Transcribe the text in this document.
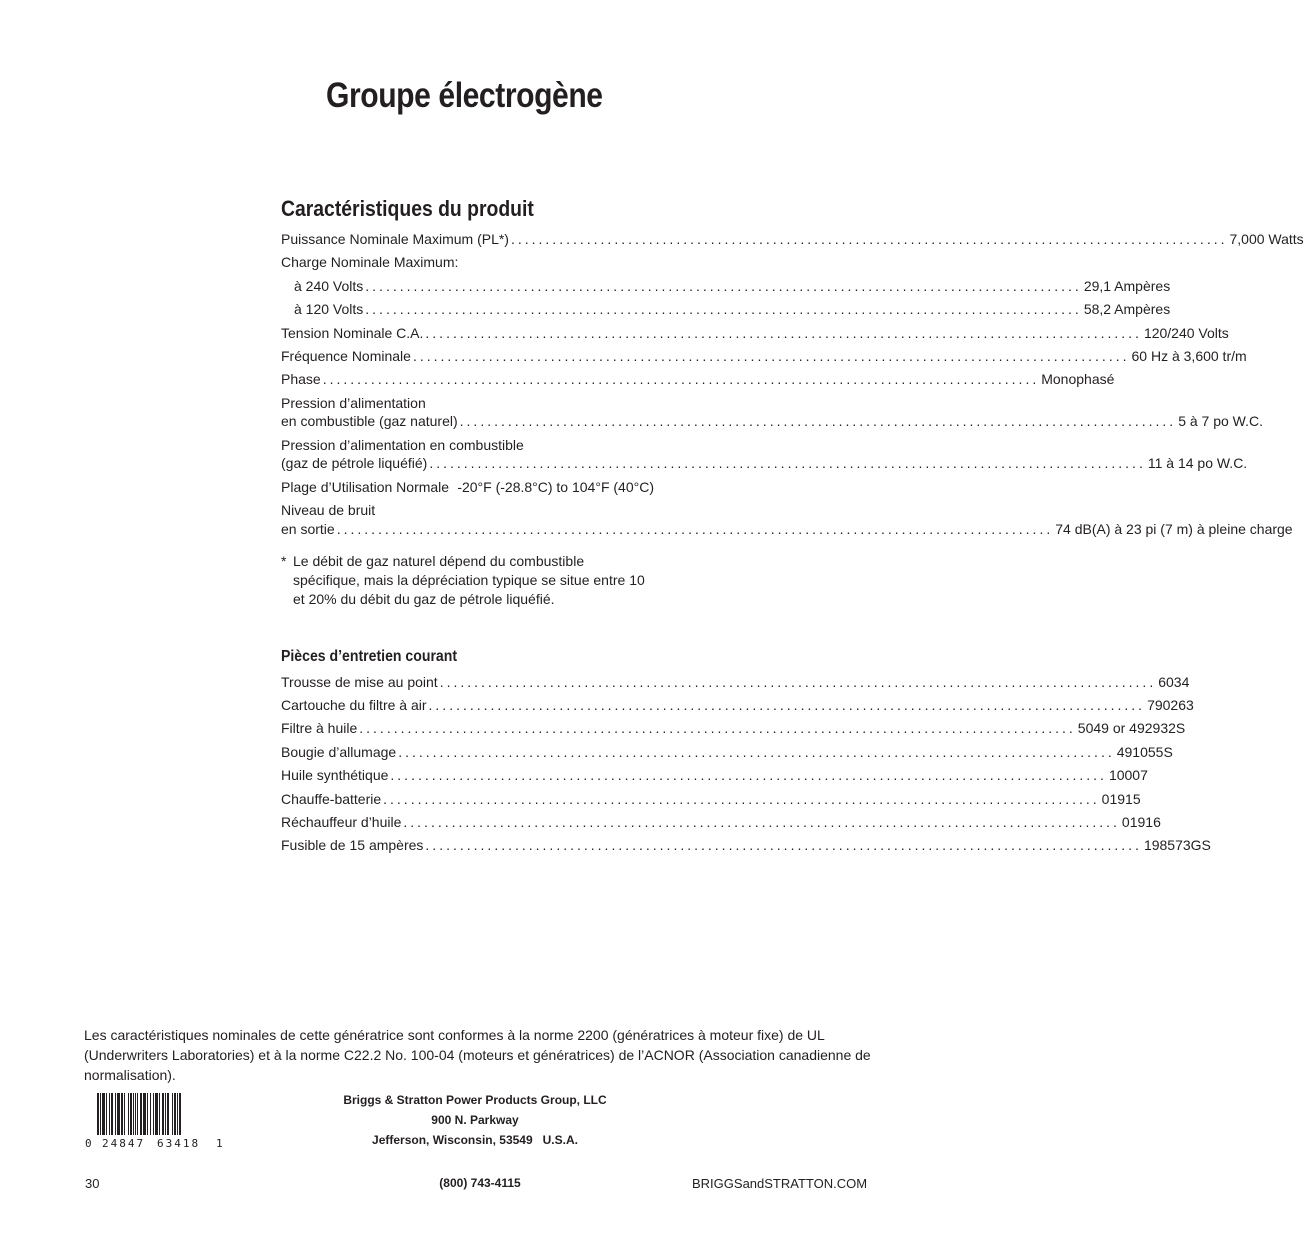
Groupe électrogène
Caractéristiques du produit
Puissance Nominale Maximum (PL*) ........................................................................................................ 7,000 Watts
Charge Nominale Maximum:
à 240 Volts ........................................................................................................ 29,1 Ampères
à 120 Volts ........................................................................................................ 58,2 Ampères
Tension Nominale C.A. ........................................................................................................ 120/240 Volts
Fréquence Nominale ........................................................................................................ 60 Hz à 3,600 tr/m
Phase ........................................................................................................ Monophasé
Pression d’alimentation
en combustible (gaz naturel) ........................................................................................................ 5 à 7 po W.C.
Pression d’alimentation en combustible
(gaz de pétrole liquéfié) ........................................................................................................ 11 à 14 po W.C.
Plage d’Utilisation Normale -20°F (-28.8°C) to 104°F (40°C)
Niveau de bruit
en sortie ........................................................................................................ 74 dB(A) à 23 pi (7 m) à pleine charge
* Le débit de gaz naturel dépend du combustible spécifique, mais la dépréciation typique se situe entre 10 et 20% du débit du gaz de pétrole liquéfié.
Pièces d’entretien courant
Trousse de mise au point ........................................................................................................ 6034
Cartouche du filtre à air ........................................................................................................ 790263
Filtre à huile ........................................................................................................ 5049 or 492932S
Bougie d’allumage ........................................................................................................ 491055S
Huile synthétique ........................................................................................................ 10007
Chauffe-batterie ........................................................................................................ 01915
Réchauffeur d’huile ........................................................................................................ 01916
Fusible de 15 ampères ........................................................................................................ 198573GS
Les caractéristiques nominales de cette génératrice sont conformes à la norme 2200 (génératrices à moteur fixe) de UL (Underwriters Laboratories) et à la norme C22.2 No. 100-04 (moteurs et génératrices) de l’ACNOR (Association canadienne de normalisation).
0 24847 63418 1
Briggs & Stratton Power Products Group, LLC
900 N. Parkway
Jefferson, Wisconsin, 53549   U.S.A.
30	(800) 743-4115	BRIGGSandSTRATTON.COM
